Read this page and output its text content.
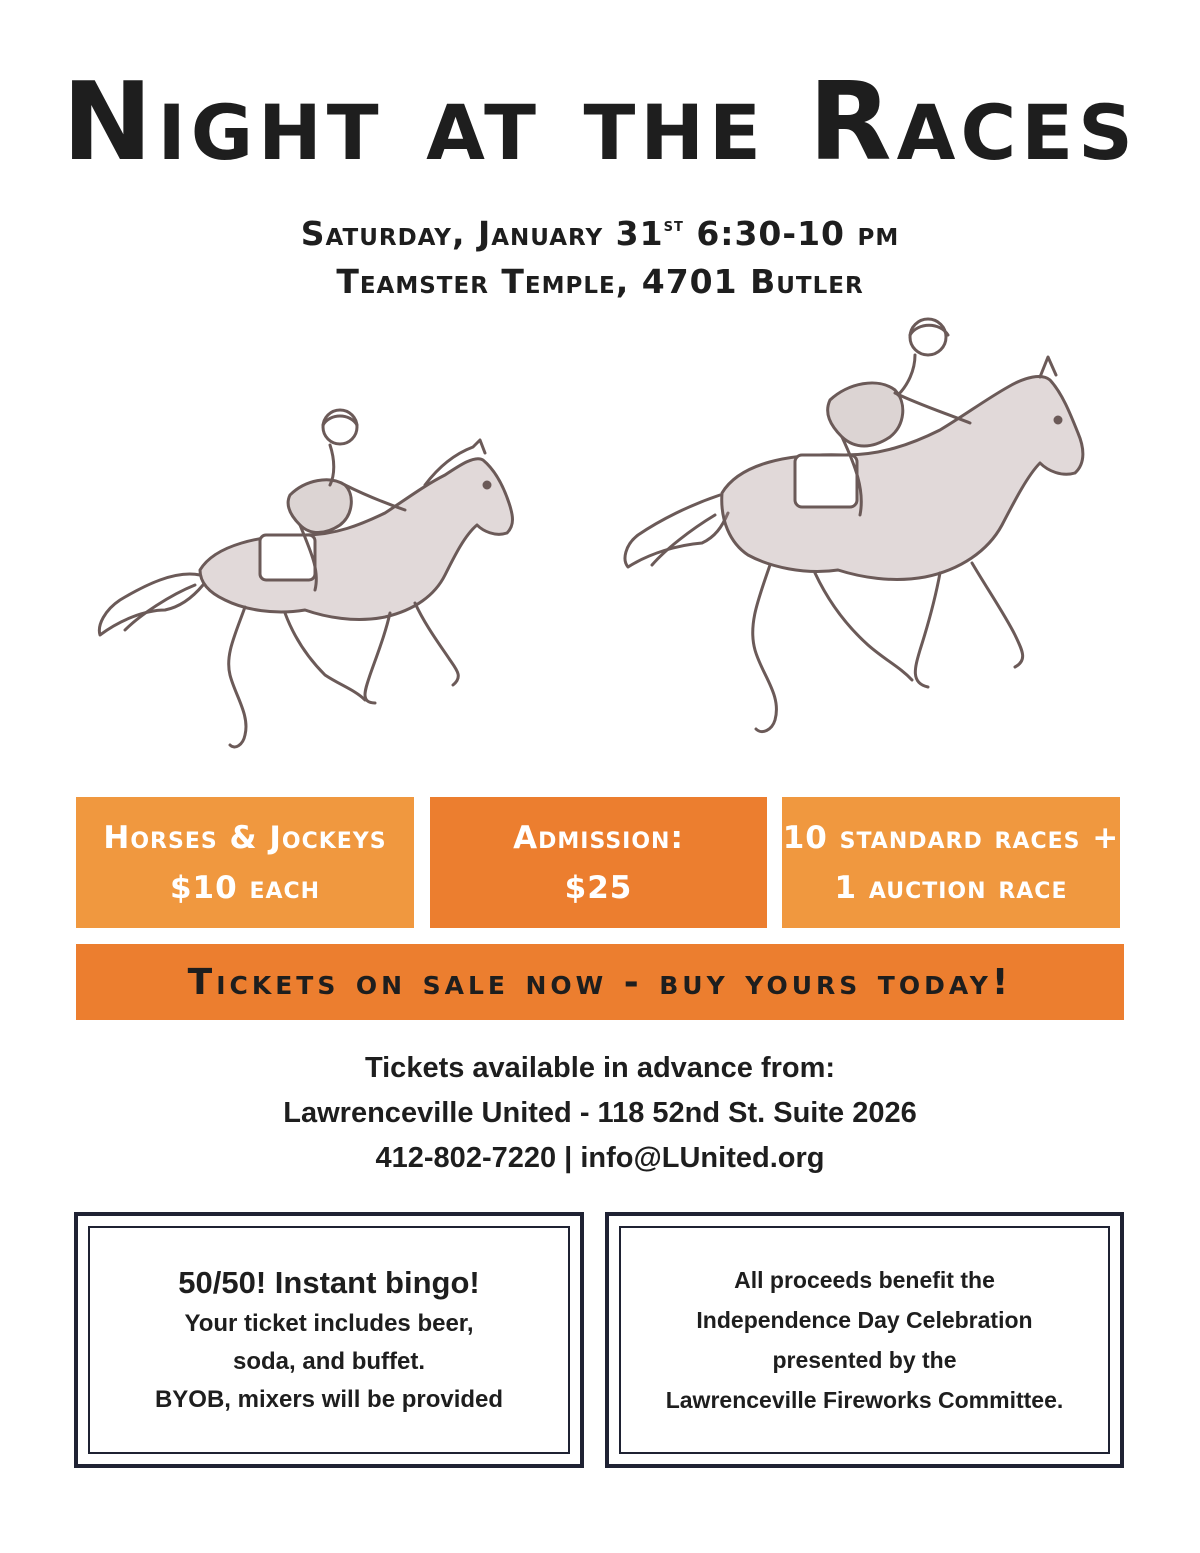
Night at the Races
Saturday, January 31st 6:30-10 pm
Teamster Temple, 4701 Butler
Horses & Jockeys
$10 each
Admission:
$25
10 standard races +
1 auction race
Tickets on sale now - buy yours today!
Tickets available in advance from:
Lawrenceville United - 118 52nd St. Suite 2026
412-802-7220 | info@LUnited.org
50/50! Instant bingo!
Your ticket includes beer,
soda, and buffet.
BYOB, mixers will be provided
All proceeds benefit the
Independence Day Celebration
presented by the
Lawrenceville Fireworks Committee.
